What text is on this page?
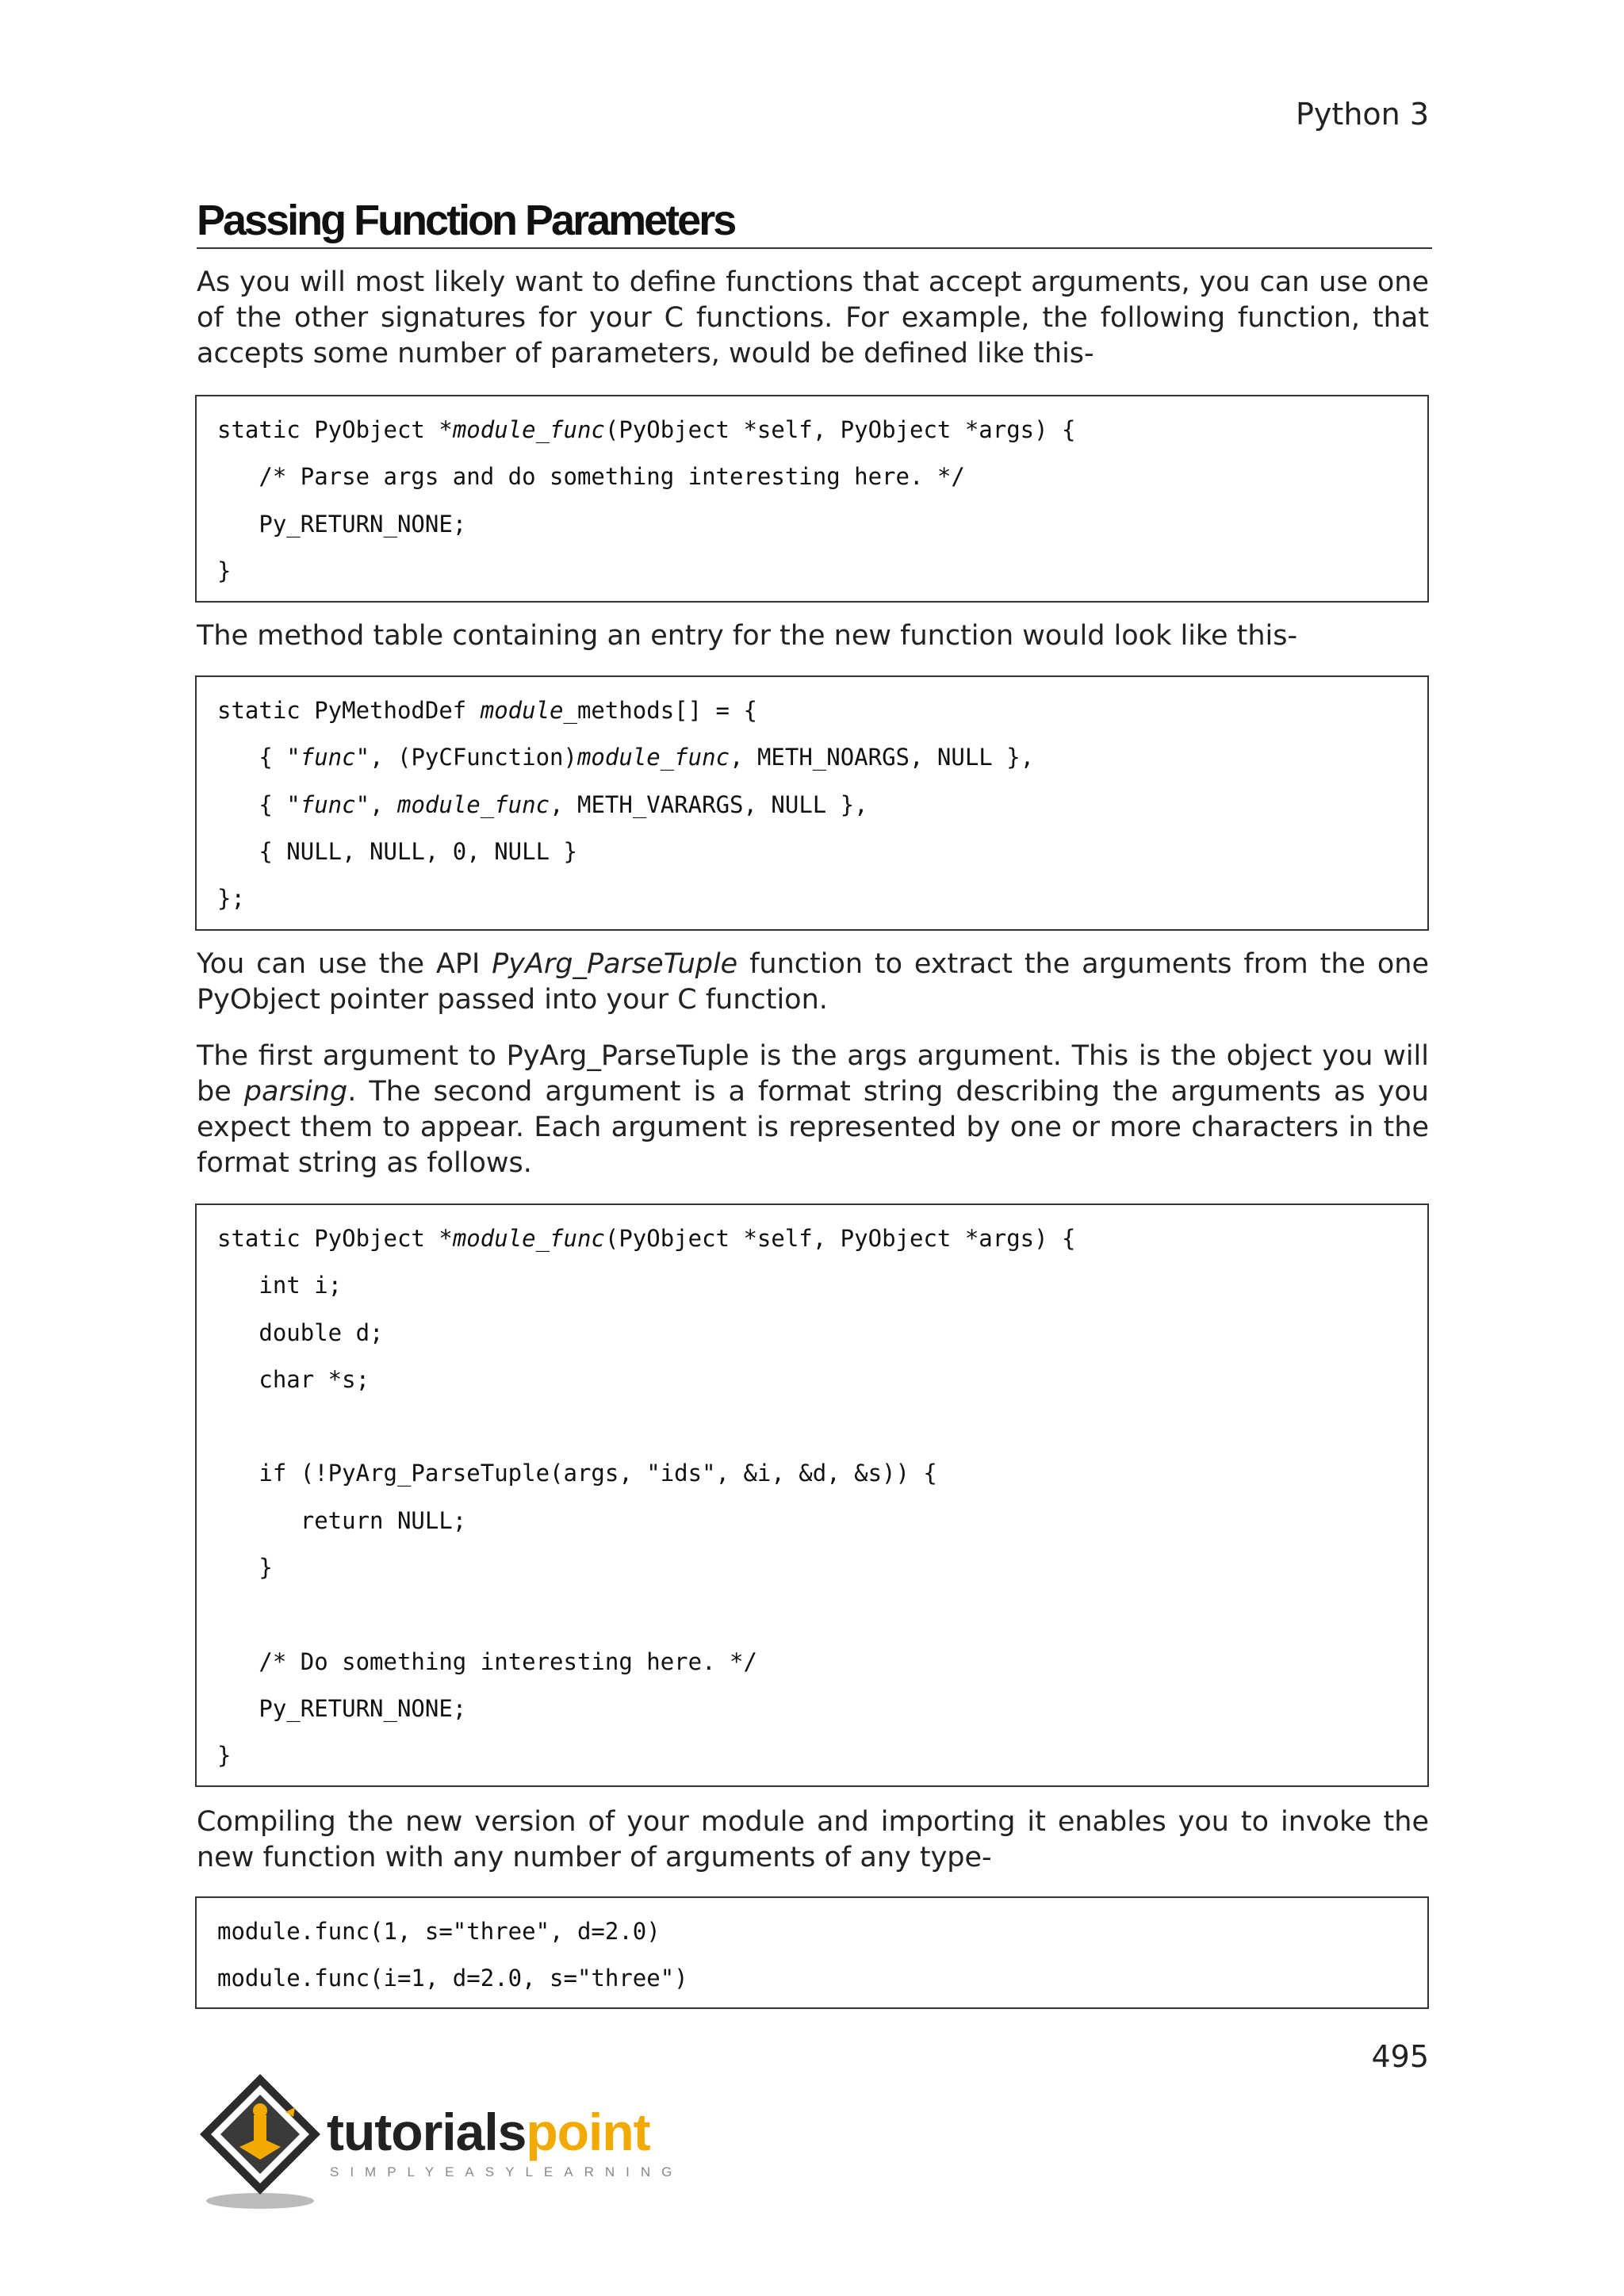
Python 3
Passing Function Parameters

As you will most likely want to define functions that accept arguments, you can use one of the other signatures for your C functions. For example, the following function, that accepts some number of parameters, would be defined like this-

static PyObject *module_func(PyObject *self, PyObject *args) {
/* Parse args and do something interesting here. */
Py_RETURN_NONE;
}

The method table containing an entry for the new function would look like this-

static PyMethodDef module_methods[] = {
{ "func", (PyCFunction)module_func, METH_NOARGS, NULL },
{ "func", module_func, METH_VARARGS, NULL },
{ NULL, NULL, 0, NULL }
};

You can use the API PyArg_ParseTuple function to extract the arguments from the one PyObject pointer passed into your C function.

The first argument to PyArg_ParseTuple is the args argument. This is the object you will be parsing. The second argument is a format string describing the arguments as you expect them to appear. Each argument is represented by one or more characters in the format string as follows.

static PyObject *module_func(PyObject *self, PyObject *args) {
int i;
double d;
char *s;
if (!PyArg_ParseTuple(args, "ids", &i, &d, &s)) {
return NULL;
}
/* Do something interesting here. */
Py_RETURN_NONE;
}

Compiling the new version of your module and importing it enables you to invoke the new function with any number of arguments of any type-

module.func(1, s="three", d=2.0)
module.func(i=1, d=2.0, s="three")
495
tutorialspoint
SIMPLYEASYLEARNING
